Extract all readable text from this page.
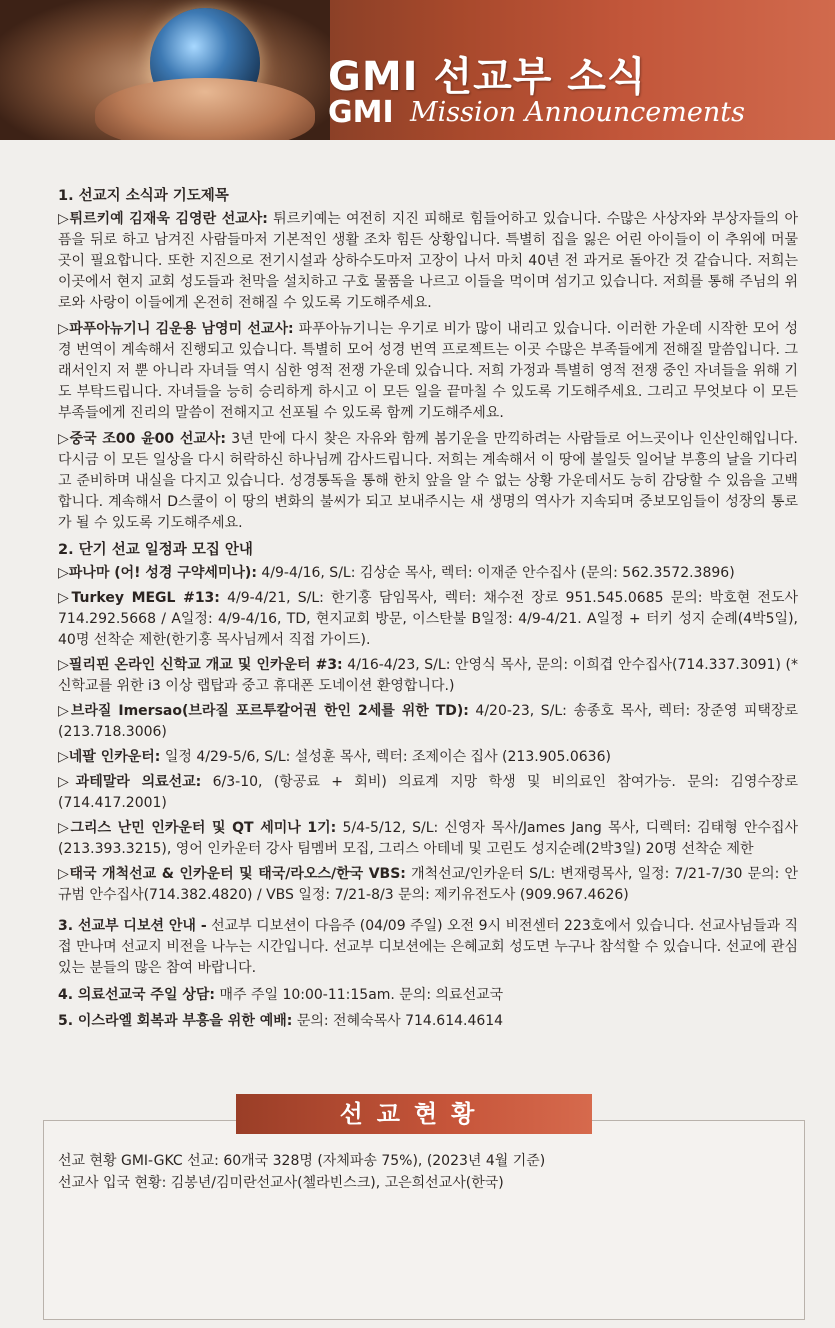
GMI 선교부 소식
GMI Mission Announcements
1. 선교지 소식과 기도제목

▷튀르키예 김재욱 김영란 선교사: 튀르키예는 여전히 지진 피해로 힘들어하고 있습니다. 수많은 사상자와 부상자들의 아픔을 뒤로 하고 남겨진 사람들마저 기본적인 생활 조차 힘든 상황입니다. 특별히 집을 잃은 어린 아이들이 이 추위에 머물 곳이 필요합니다. 또한 지진으로 전기시설과 상하수도마저 고장이 나서 마치 40년 전 과거로 돌아간 것 같습니다. 저희는 이곳에서 현지 교회 성도들과 천막을 설치하고 구호 물품을 나르고 이들을 먹이며 섬기고 있습니다. 저희를 통해 주님의 위로와 사랑이 이들에게 온전히 전해질 수 있도록 기도해주세요.

▷파푸아뉴기니 김운용 남영미 선교사: 파푸아뉴기니는 우기로 비가 많이 내리고 있습니다. 이러한 가운데 시작한 모어 성경 번역이 계속해서 진행되고 있습니다. 특별히 모어 성경 번역 프로젝트는 이곳 수많은 부족들에게 전해질 말씀입니다. 그래서인지 저 뿐 아니라 자녀들 역시 심한 영적 전쟁 가운데 있습니다. 저희 가정과 특별히 영적 전쟁 중인 자녀들을 위해 기도 부탁드립니다. 자녀들을 능히 승리하게 하시고 이 모든 일을 끝마칠 수 있도록 기도해주세요. 그리고 무엇보다 이 모든 부족들에게 진리의 말씀이 전해지고 선포될 수 있도록 함께 기도해주세요.

▷중국 조00 윤00 선교사: 3년 만에 다시 찾은 자유와 함께 봄기운을 만끽하려는 사람들로 어느곳이나 인산인해입니다. 다시금 이 모든 일상을 다시 허락하신 하나님께 감사드립니다. 저희는 계속해서 이 땅에 불일듯 일어날 부흥의 날을 기다리고 준비하며 내실을 다지고 있습니다. 성경통독을 통해 한치 앞을 알 수 없는 상황 가운데서도 능히 감당할 수 있음을 고백합니다. 계속해서 D스쿨이 이 땅의 변화의 불씨가 되고 보내주시는 새 생명의 역사가 지속되며 중보모임들이 성장의 통로가 될 수 있도록 기도해주세요.

2. 단기 선교 일정과 모집 안내

▷파나마 (어! 성경 구약세미나): 4/9-4/16, S/L: 김상순 목사, 렉터: 이재준 안수집사 (문의: 562.3572.3896)

▷Turkey MEGL #13: 4/9-4/21, S/L: 한기홍 담임목사, 렉터: 채수전 장로 951.545.0685 문의: 박호현 전도사 714.292.5668 / A일정: 4/9-4/16, TD, 현지교회 방문, 이스탄불 B일정: 4/9-4/21. A일정 + 터키 성지 순례(4박5일), 40명 선착순 제한(한기홍 목사님께서 직접 가이드).

▷필리핀 온라인 신학교 개교 및 인카운터 #3: 4/16-4/23, S/L: 안영식 목사, 문의: 이희겹 안수집사(714.337.3091) (*신학교를 위한 i3 이상 랩탑과 중고 휴대폰 도네이션 환영합니다.)

▷브라질 Imersao(브라질 포르투칼어권 한인 2세를 위한 TD): 4/20-23, S/L: 송종호 목사, 렉터: 장준영 피택장로(213.718.3006)

▷네팔 인카운터: 일정 4/29-5/6, S/L: 설성훈 목사, 렉터: 조제이슨 집사 (213.905.0636)

▷과테말라 의료선교: 6/3-10, (항공료 + 회비) 의료계 지망 학생 및 비의료인 참여가능. 문의: 김영수장로 (714.417.2001)

▷그리스 난민 인카운터 및 QT 세미나 1기: 5/4-5/12, S/L: 신영자 목사/James Jang 목사, 디렉터: 김태형 안수집사 (213.393.3215), 영어 인카운터 강사 팀멤버 모집, 그리스 아테네 및 고린도 성지순례(2박3일) 20명 선착순 제한

▷태국 개척선교 & 인카운터 및 태국/라오스/한국 VBS: 개척선교/인카운터 S/L: 변재령목사, 일정: 7/21-7/30 문의: 안규범 안수집사(714.382.4820) / VBS 일정: 7/21-8/3 문의: 제키유전도사 (909.967.4626)

3. 선교부 디보션 안내 - 선교부 디보션이 다음주 (04/09 주일) 오전 9시 비전센터 223호에서 있습니다. 선교사님들과 직접 만나며 선교지 비전을 나누는 시간입니다. 선교부 디보션에는 은혜교회 성도면 누구나 참석할 수 있습니다. 선교에 관심있는 분들의 많은 참여 바랍니다.

4. 의료선교국 주일 상담: 매주 주일 10:00-11:15am. 문의: 의료선교국

5. 이스라엘 회복과 부흥을 위한 예배: 문의: 전혜숙목사 714.614.4614

선교현황
선교 현황 GMI-GKC 선교: 60개국 328명 (자체파송 75%), (2023년 4월 기준)
선교사 입국 현황: 김봉년/김미란선교사(첼라빈스크), 고은희선교사(한국)
